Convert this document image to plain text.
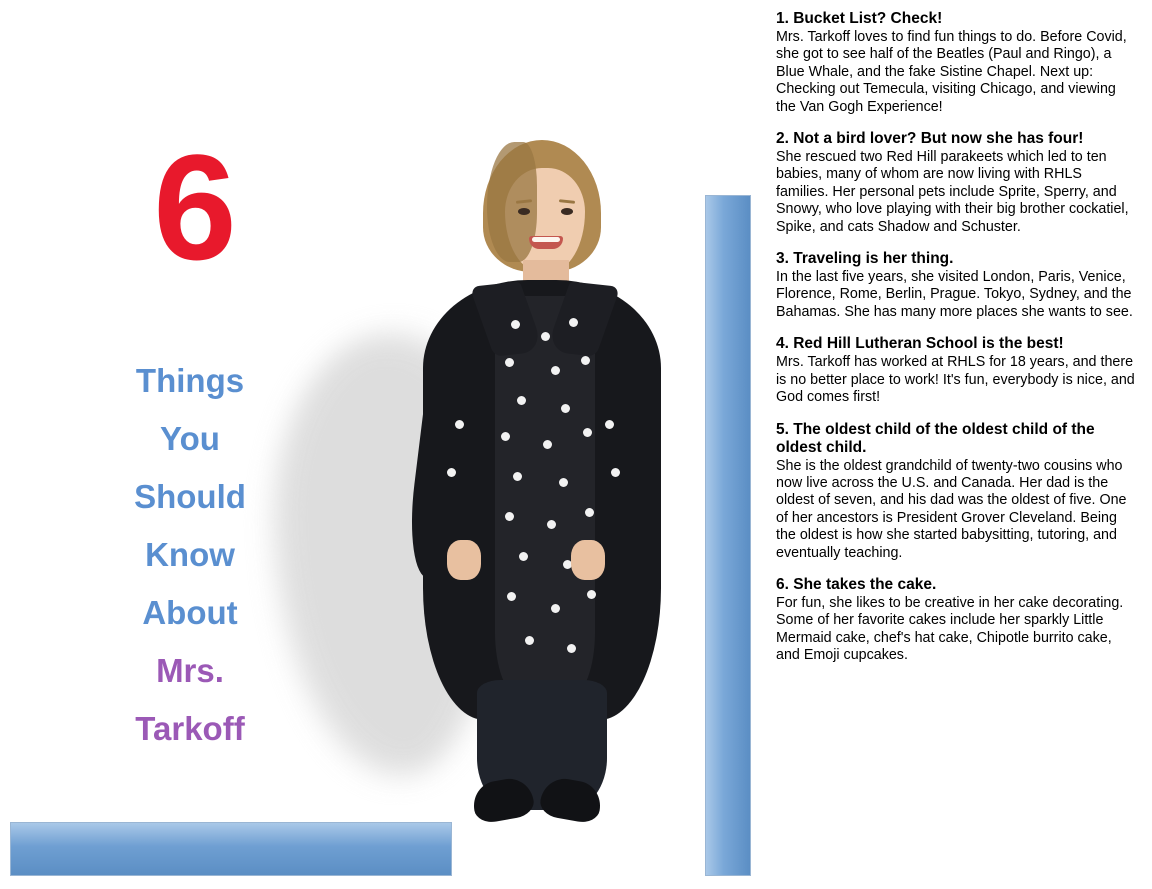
6
Things
You
Should
Know
About
Mrs.
Tarkoff

1. Bucket List? Check!

Mrs. Tarkoff loves to find fun things to do. Before Covid, she got to see half of the Beatles (Paul and Ringo), a Blue Whale, and the fake Sistine Chapel. Next up: Checking out Temecula, visiting Chicago, and viewing the Van Gogh Experience!

2. Not a bird lover? But now she has four!

She rescued two Red Hill parakeets which led to ten babies, many of whom are now living with RHLS families. Her personal pets include Sprite, Sperry, and Snowy, who love playing with their big brother cockatiel, Spike, and cats Shadow and Schuster.

3. Traveling is her thing.

In the last five years, she visited London, Paris, Venice, Florence, Rome, Berlin, Prague. Tokyo, Sydney, and the Bahamas. She has many more places she wants to see.

4. Red Hill Lutheran School is the best!

Mrs. Tarkoff has worked at RHLS for 18 years, and there is no better place to work! It's fun, everybody is nice, and God comes first!

5. The oldest child of the oldest child of the oldest child.

She is the oldest grandchild of twenty-two cousins who now live across the U.S. and Canada. Her dad is the oldest of seven, and his dad was the oldest of five. One of her ancestors is President Grover Cleveland. Being the oldest is how she started babysitting, tutoring, and eventually teaching.

6. She takes the cake.

For fun, she likes to be creative in her cake decorating. Some of her favorite cakes include her sparkly Little Mermaid cake, chef's hat cake, Chipotle burrito cake, and Emoji cupcakes.
